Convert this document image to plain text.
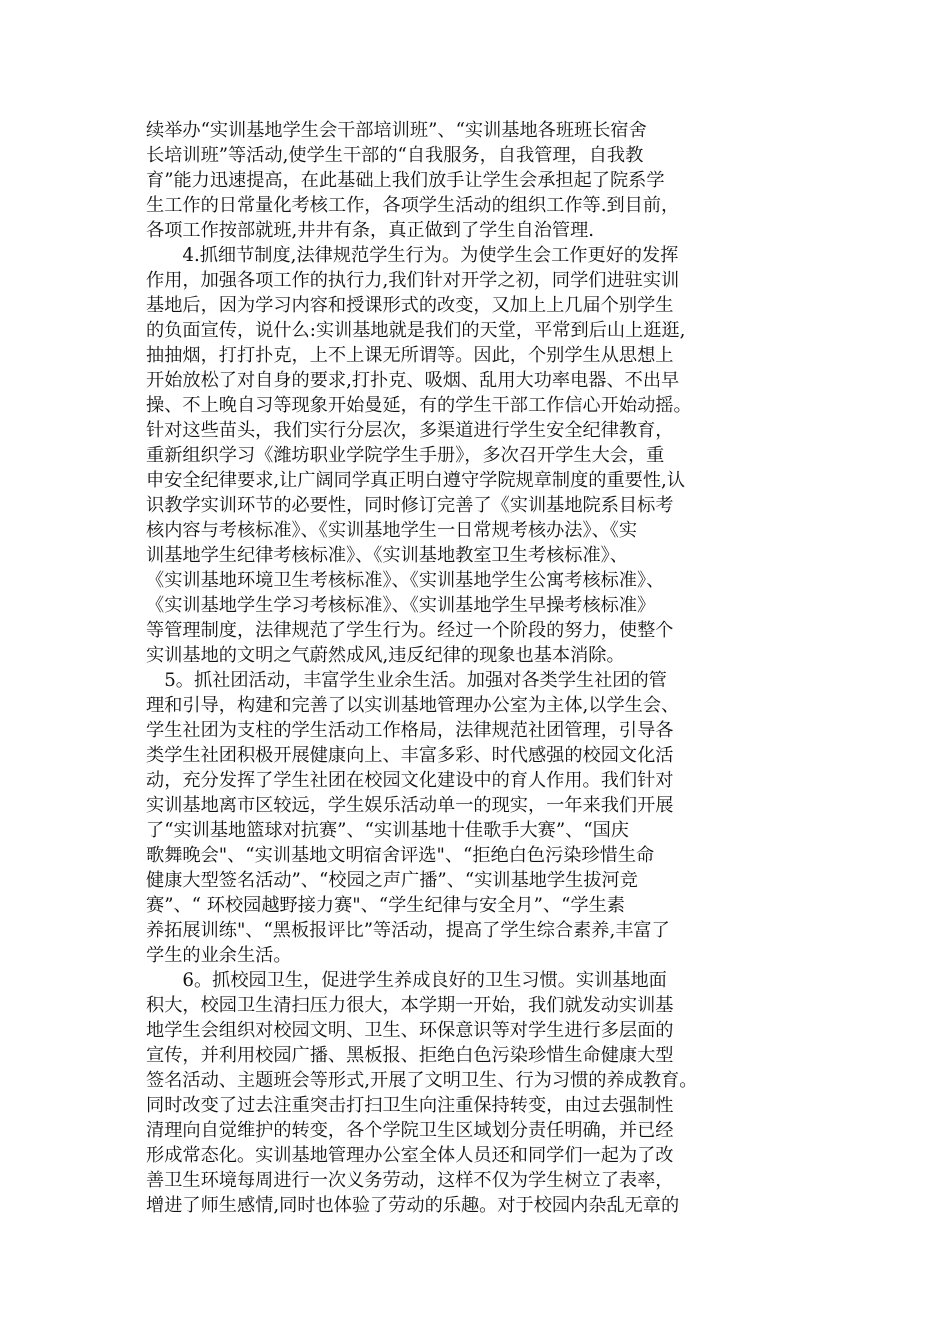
续举办“实训基地学生会干部培训班”、“实训基地各班班长宿舍
长培训班”等活动,使学生干部的“自我服务，自我管理，自我教
育”能力迅速提高，在此基础上我们放手让学生会承担起了院系学
生工作的日常量化考核工作，各项学生活动的组织工作等.到目前，
各项工作按部就班,井井有条，真正做到了学生自治管理.
　　4.抓细节制度,法律规范学生行为。为使学生会工作更好的发挥
作用，加强各项工作的执行力,我们针对开学之初，同学们进驻实训
基地后，因为学习内容和授课形式的改变，又加上上几届个别学生
的负面宣传，说什么:实训基地就是我们的天堂，平常到后山上逛逛,
抽抽烟，打打扑克，上不上课无所谓等。因此，个别学生从思想上
开始放松了对自身的要求,打扑克、吸烟、乱用大功率电器、不出早
操、不上晚自习等现象开始曼延，有的学生干部工作信心开始动摇。
针对这些苗头，我们实行分层次，多渠道进行学生安全纪律教育，
重新组织学习《潍坊职业学院学生手册》，多次召开学生大会，重
申安全纪律要求,让广阔同学真正明白遵守学院规章制度的重要性,认
识教学实训环节的必要性，同时修订完善了《实训基地院系目标考
核内容与考核标准》、《实训基地学生一日常规考核办法》、《实
训基地学生纪律考核标准》、《实训基地教室卫生考核标准》、
《实训基地环境卫生考核标准》、《实训基地学生公寓考核标准》、
《实训基地学生学习考核标准》、《实训基地学生早操考核标准》
等管理制度，法律规范了学生行为。经过一个阶段的努力，使整个
实训基地的文明之气蔚然成风,违反纪律的现象也基本消除。
　5。抓社团活动，丰富学生业余生活。加强对各类学生社团的管
理和引导，构建和完善了以实训基地管理办公室为主体,以学生会、
学生社团为支柱的学生活动工作格局，法律规范社团管理，引导各
类学生社团积极开展健康向上、丰富多彩、时代感强的校园文化活
动，充分发挥了学生社团在校园文化建设中的育人作用。我们针对
实训基地离市区较远，学生娱乐活动单一的现实，一年来我们开展
了“实训基地篮球对抗赛”、“实训基地十佳歌手大赛”、“国庆
歌舞晚会"、“实训基地文明宿舍评选"、“拒绝白色污染珍惜生命
健康大型签名活动”、“校园之声广播”、“实训基地学生拔河竞
赛”、“ 环校园越野接力赛"、“学生纪律与安全月”、“学生素
养拓展训练"、“黑板报评比”等活动，提高了学生综合素养,丰富了
学生的业余生活。
　　6。抓校园卫生，促进学生养成良好的卫生习惯。实训基地面
积大，校园卫生清扫压力很大，本学期一开始，我们就发动实训基
地学生会组织对校园文明、卫生、环保意识等对学生进行多层面的
宣传，并利用校园广播、黑板报、拒绝白色污染珍惜生命健康大型
签名活动、主题班会等形式,开展了文明卫生、行为习惯的养成教育。
同时改变了过去注重突击打扫卫生向注重保持转变，由过去强制性
清理向自觉维护的转变，各个学院卫生区域划分责任明确，并已经
形成常态化。实训基地管理办公室全体人员还和同学们一起为了改
善卫生环境每周进行一次义务劳动，这样不仅为学生树立了表率，
增进了师生感情,同时也体验了劳动的乐趣。对于校园内杂乱无章的
